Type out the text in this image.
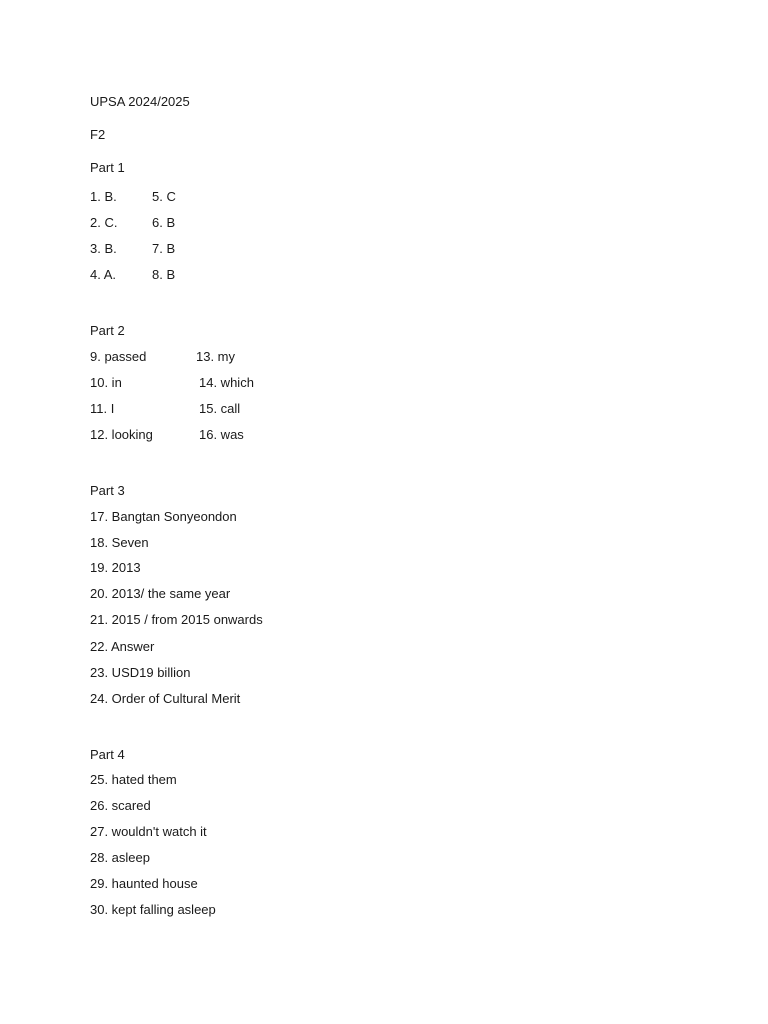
UPSA 2024/2025
F2
Part 1
1. B.	5. C
2. C.	6. B
3. B.	7. B
4. A.	8. B
Part 2
9. passed	13. my
10. in	14. which
11. I	15. call
12. looking	16. was
Part 3
17. Bangtan Sonyeondon
18. Seven
19. 2013
20. 2013/ the same year
21. 2015 / from 2015 onwards
22. Answer
23. USD19 billion
24. Order of Cultural Merit
Part 4
25. hated them
26. scared
27. wouldn't watch it
28. asleep
29. haunted house
30. kept falling asleep
